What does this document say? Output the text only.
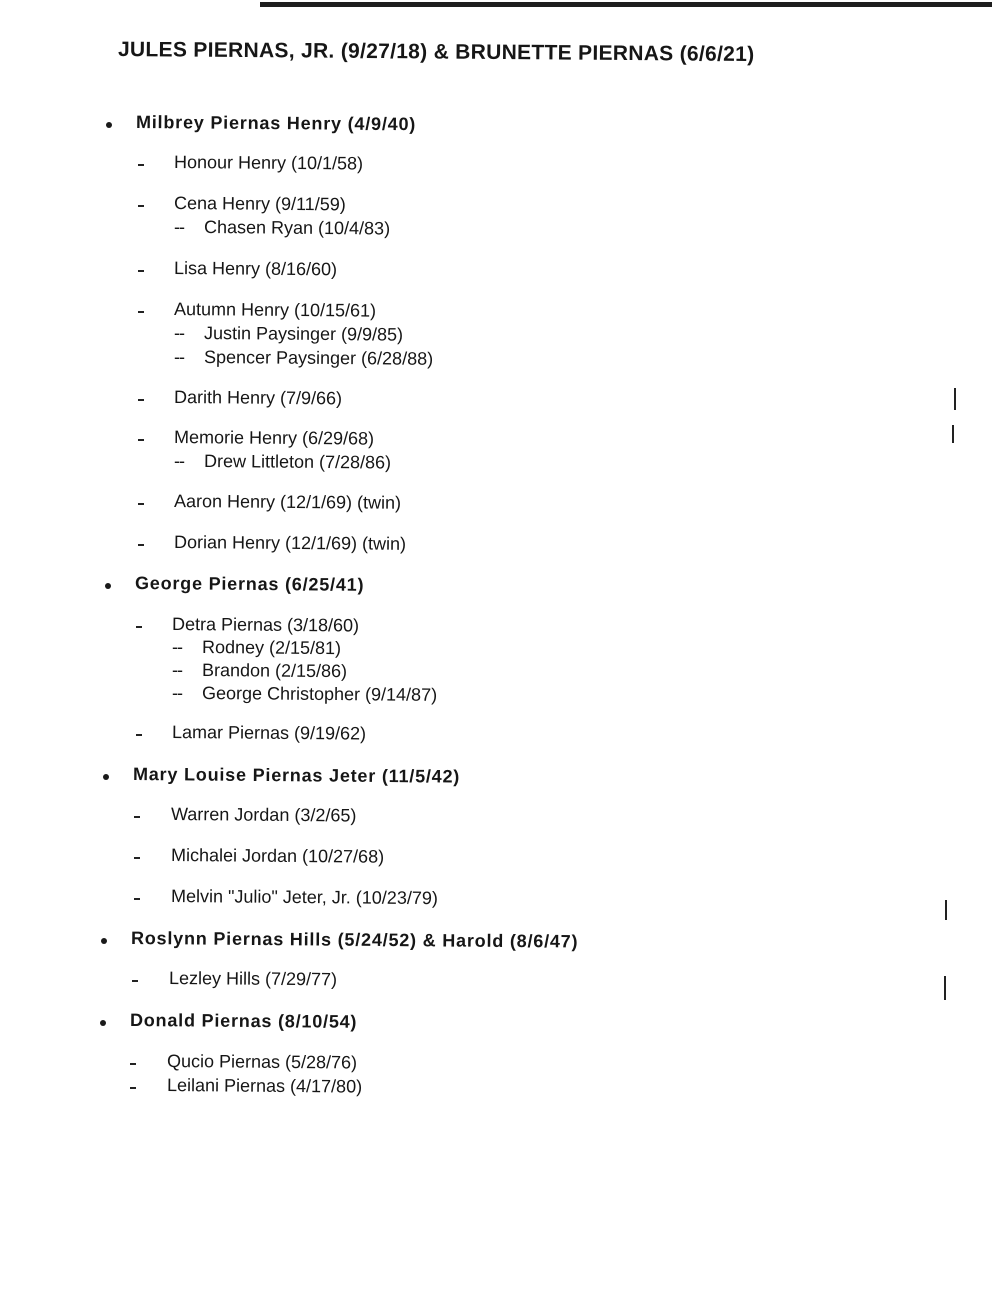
JULES PIERNAS, JR. (9/27/18) & BRUNETTE PIERNAS (6/6/21)
Milbrey Piernas Henry (4/9/40)
Honour Henry (10/1/58)
Cena Henry (9/11/59)
-- Chasen Ryan (10/4/83)
Lisa Henry (8/16/60)
Autumn Henry (10/15/61)
-- Justin Paysinger (9/9/85)
-- Spencer Paysinger (6/28/88)
Darith Henry (7/9/66)
Memorie Henry (6/29/68)
-- Drew Littleton (7/28/86)
Aaron Henry (12/1/69) (twin)
Dorian Henry (12/1/69) (twin)
George Piernas (6/25/41)
Detra Piernas (3/18/60)
-- Rodney (2/15/81)
-- Brandon (2/15/86)
-- George Christopher (9/14/87)
Lamar Piernas (9/19/62)
Mary Louise Piernas Jeter (11/5/42)
Warren Jordan (3/2/65)
Michalei Jordan (10/27/68)
Melvin "Julio" Jeter, Jr. (10/23/79)
Roslynn Piernas Hills (5/24/52) & Harold (8/6/47)
Lezley Hills (7/29/77)
Donald Piernas (8/10/54)
Qucio Piernas (5/28/76)
Leilani Piernas (4/17/80)
